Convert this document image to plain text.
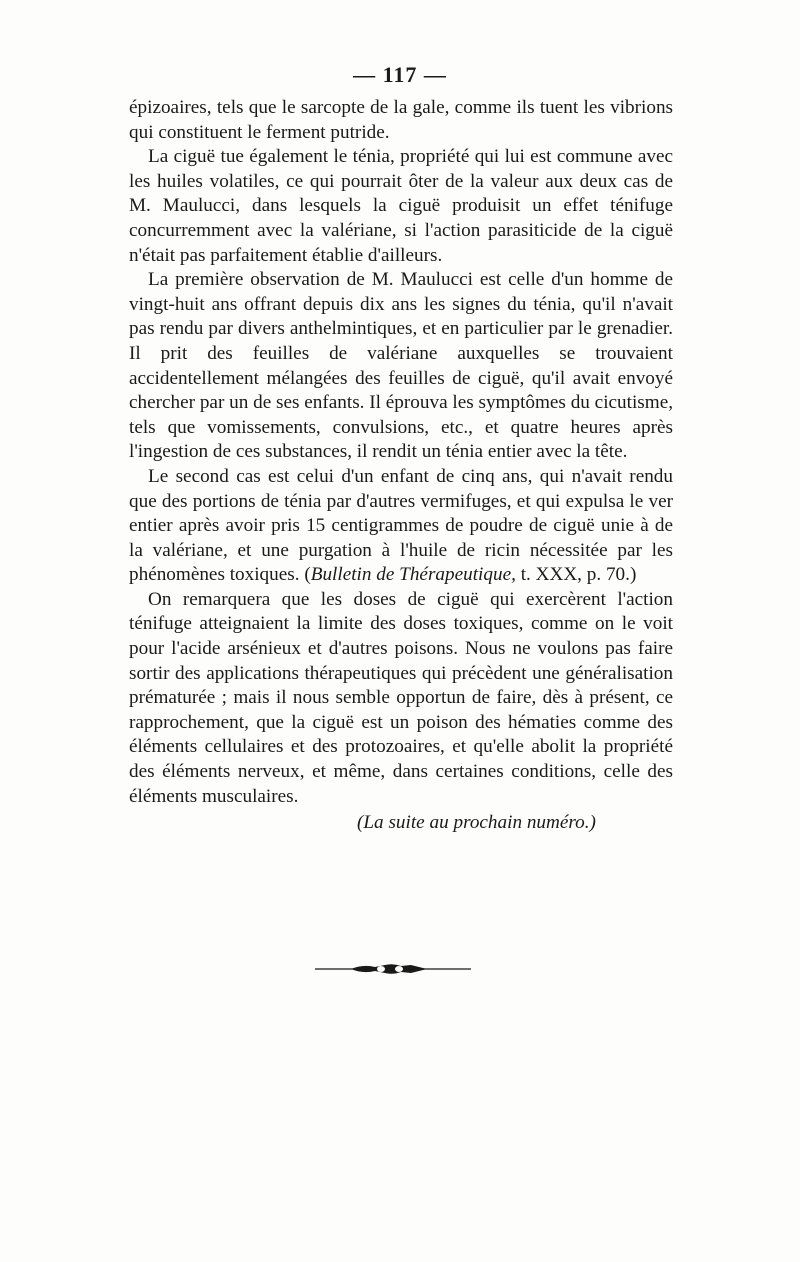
— 117 —

épizoaires, tels que le sarcopte de la gale, comme ils tuent les vibrions qui constituent le ferment putride.

La ciguë tue également le ténia, propriété qui lui est commune avec les huiles volatiles, ce qui pourrait ôter de la valeur aux deux cas de M. Maulucci, dans lesquels la ciguë produisit un effet ténifuge concurremment avec la valériane, si l'action parasiticide de la ciguë n'était pas parfaitement établie d'ailleurs.

La première observation de M. Maulucci est celle d'un homme de vingt-huit ans offrant depuis dix ans les signes du ténia, qu'il n'avait pas rendu par divers anthelmintiques, et en particulier par le grenadier. Il prit des feuilles de valériane auxquelles se trouvaient accidentellement mélangées des feuilles de ciguë, qu'il avait envoyé chercher par un de ses enfants. Il éprouva les symptômes du cicutisme, tels que vomissements, convulsions, etc., et quatre heures après l'ingestion de ces substances, il rendit un ténia entier avec la tête.

Le second cas est celui d'un enfant de cinq ans, qui n'avait rendu que des portions de ténia par d'autres vermifuges, et qui expulsa le ver entier après avoir pris 15 centigrammes de poudre de ciguë unie à de la valériane, et une purgation à l'huile de ricin nécessitée par les phénomènes toxiques. (Bulletin de Thérapeutique, t. XXX, p. 70.)

On remarquera que les doses de ciguë qui exercèrent l'action ténifuge atteignaient la limite des doses toxiques, comme on le voit pour l'acide arsénieux et d'autres poisons. Nous ne voulons pas faire sortir des applications thérapeutiques qui précèdent une généralisation prématurée ; mais il nous semble opportun de faire, dès à présent, ce rapprochement, que la ciguë est un poison des hématies comme des éléments cellulaires et des protozoaires, et qu'elle abolit la propriété des éléments nerveux, et même, dans certaines conditions, celle des éléments musculaires.

(La suite au prochain numéro.)
